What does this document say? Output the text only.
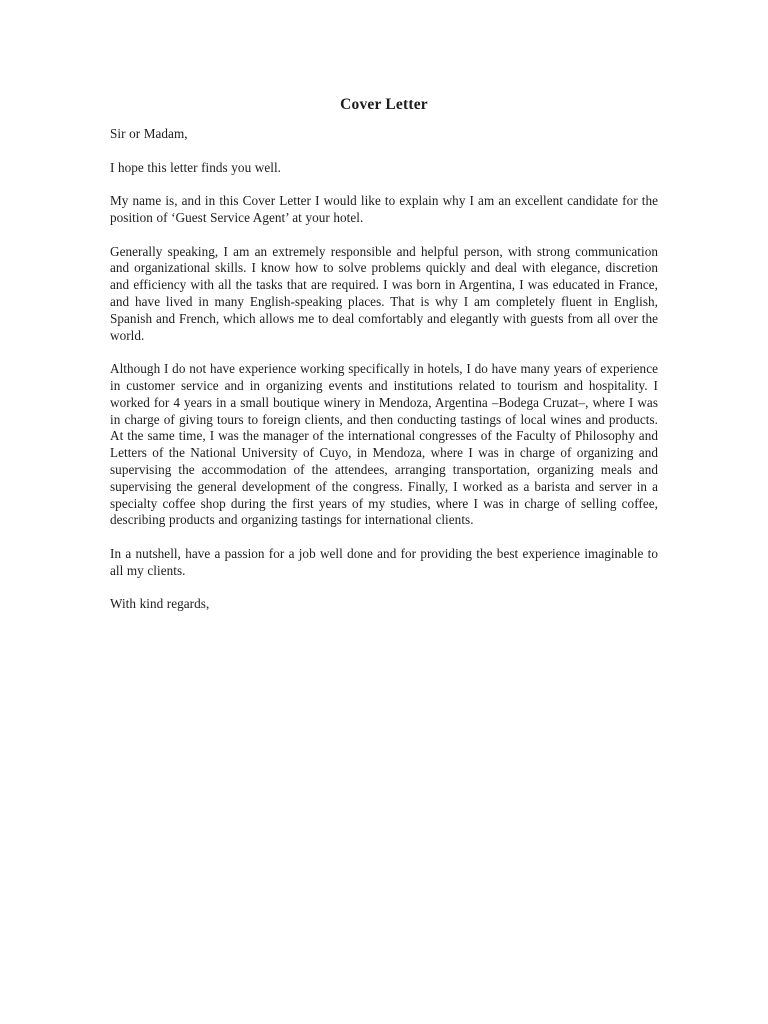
Cover Letter

Sir or Madam,

I hope this letter finds you well.

My name is, and in this Cover Letter I would like to explain why I am an excellent candidate for the position of ‘Guest Service Agent’ at your hotel.

Generally speaking, I am an extremely responsible and helpful person, with strong communication and organizational skills. I know how to solve problems quickly and deal with elegance, discretion and efficiency with all the tasks that are required. I was born in Argentina, I was educated in France, and have lived in many English-speaking places. That is why I am completely fluent in English, Spanish and French, which allows me to deal comfortably and elegantly with guests from all over the world.

Although I do not have experience working specifically in hotels, I do have many years of experience in customer service and in organizing events and institutions related to tourism and hospitality. I worked for 4 years in a small boutique winery in Mendoza, Argentina –Bodega Cruzat–, where I was in charge of giving tours to foreign clients, and then conducting tastings of local wines and products. At the same time, I was the manager of the international congresses of the Faculty of Philosophy and Letters of the National University of Cuyo, in Mendoza, where I was in charge of organizing and supervising the accommodation of the attendees, arranging transportation, organizing meals and supervising the general development of the congress. Finally, I worked as a barista and server in a specialty coffee shop during the first years of my studies, where I was in charge of selling coffee, describing products and organizing tastings for international clients.

In a nutshell, have a passion for a job well done and for providing the best experience imaginable to all my clients.

With kind regards,
